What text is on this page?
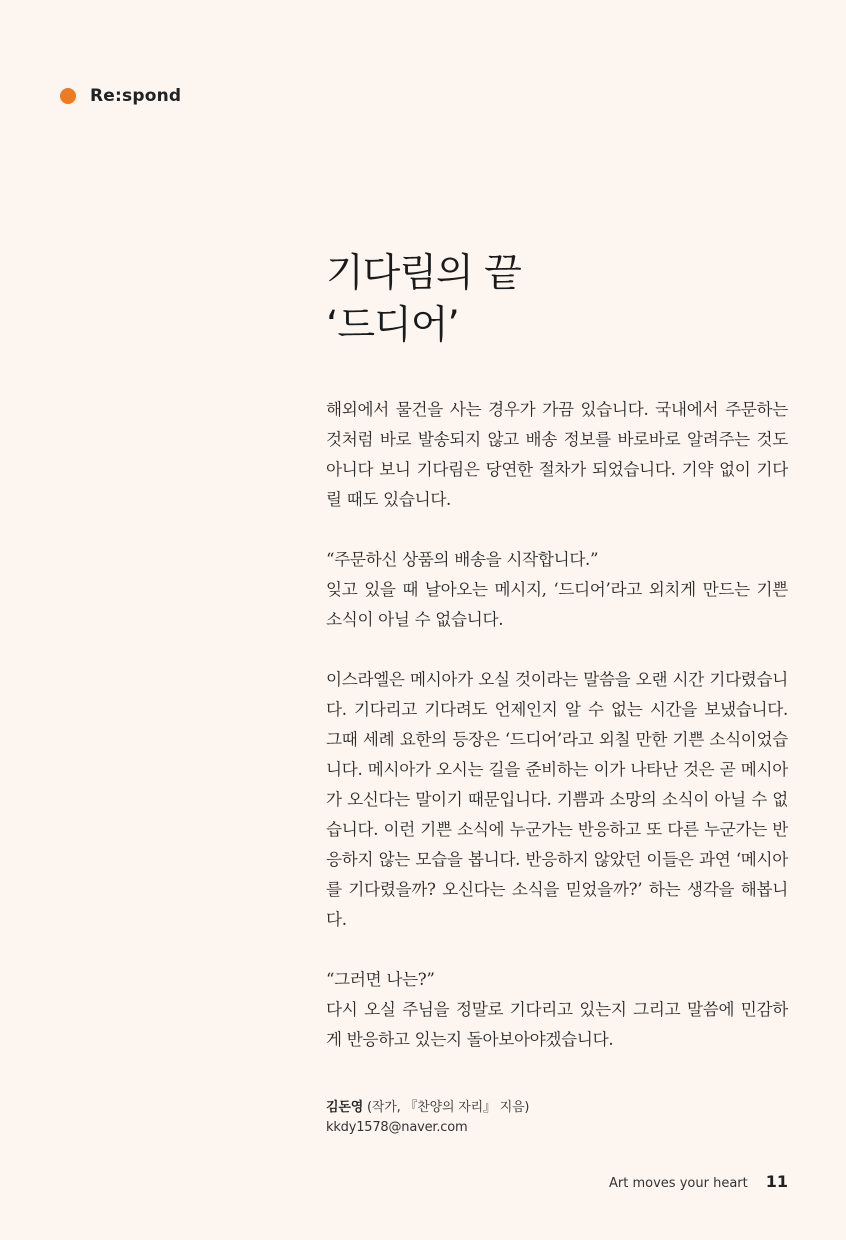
Re:spond
기다림의 끝
‘드디어’

해외에서 물건을 사는 경우가 가끔 있습니다. 국내에서 주문하는 것처럼 바로 발송되지 않고 배송 정보를 바로바로 알려주는 것도 아니다 보니 기다림은 당연한 절차가 되었습니다. 기약 없이 기다릴 때도 있습니다.

“주문하신 상품의 배송을 시작합니다.”

잊고 있을 때 날아오는 메시지, ‘드디어’라고 외치게 만드는 기쁜 소식이 아닐 수 없습니다.

이스라엘은 메시아가 오실 것이라는 말씀을 오랜 시간 기다렸습니다. 기다리고 기다려도 언제인지 알 수 없는 시간을 보냈습니다. 그때 세례 요한의 등장은 ‘드디어’라고 외칠 만한 기쁜 소식이었습니다. 메시아가 오시는 길을 준비하는 이가 나타난 것은 곧 메시아가 오신다는 말이기 때문입니다. 기쁨과 소망의 소식이 아닐 수 없습니다. 이런 기쁜 소식에 누군가는 반응하고 또 다른 누군가는 반응하지 않는 모습을 봅니다. 반응하지 않았던 이들은 과연 ‘메시아를 기다렸을까? 오신다는 소식을 믿었을까?’ 하는 생각을 해봅니다.

“그러면 나는?”

다시 오실 주님을 정말로 기다리고 있는지 그리고 말씀에 민감하게 반응하고 있는지 돌아보아야겠습니다.

김돈영 (작가, 『찬양의 자리』 지음)
kkdy1578@naver.com
Art moves your heart 11
